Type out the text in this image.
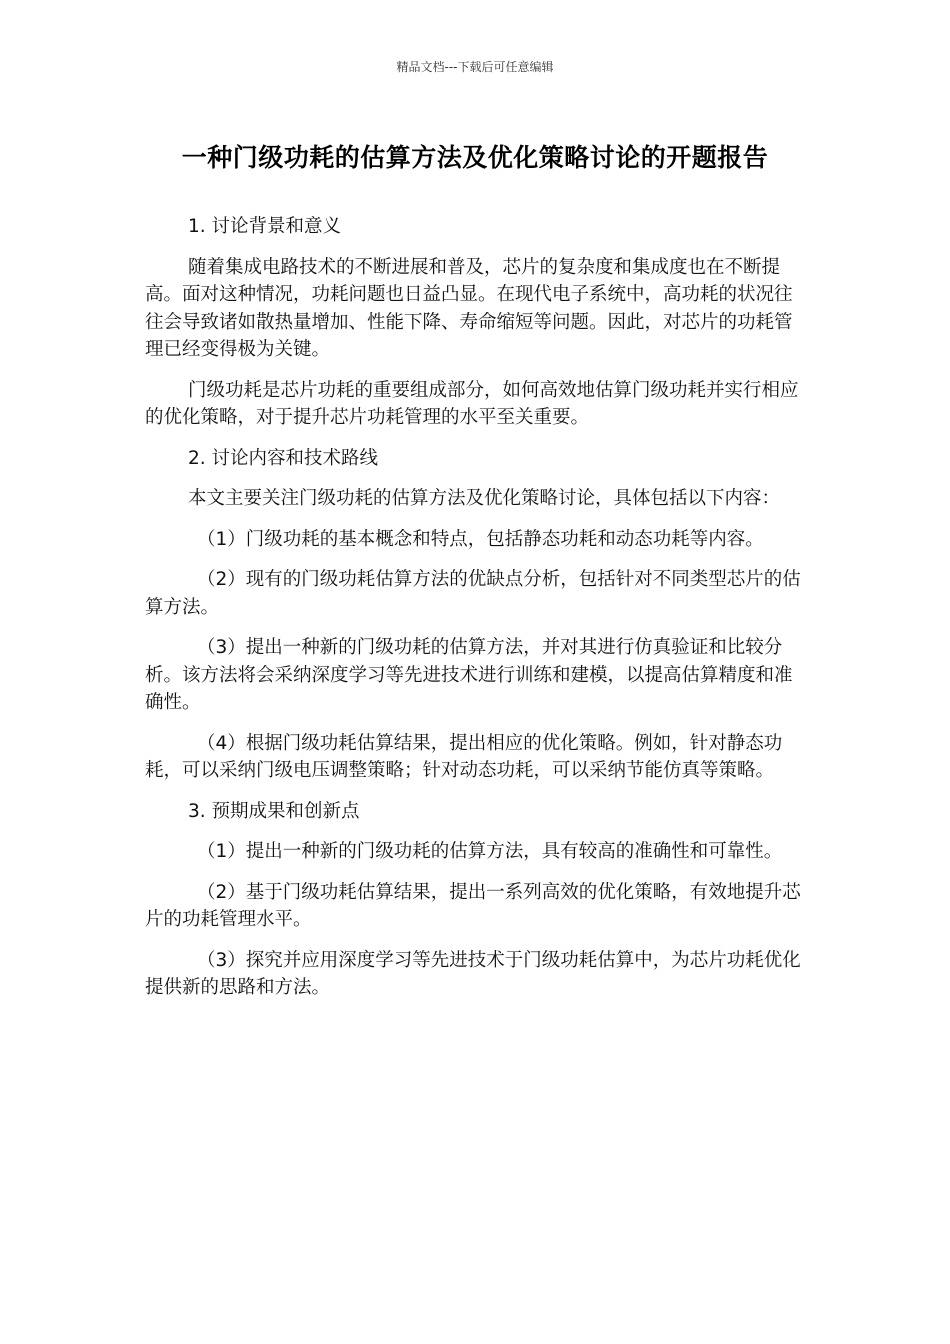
精品文档---下载后可任意编辑
一种门级功耗的估算方法及优化策略讨论的开题报告

1. 讨论背景和意义

随着集成电路技术的不断进展和普及，芯片的复杂度和集成度也在不断提高。面对这种情况，功耗问题也日益凸显。在现代电子系统中，高功耗的状况往往会导致诸如散热量增加、性能下降、寿命缩短等问题。因此，对芯片的功耗管理已经变得极为关键。

门级功耗是芯片功耗的重要组成部分，如何高效地估算门级功耗并实行相应的优化策略，对于提升芯片功耗管理的水平至关重要。

2. 讨论内容和技术路线

本文主要关注门级功耗的估算方法及优化策略讨论，具体包括以下内容：

（1）门级功耗的基本概念和特点，包括静态功耗和动态功耗等内容。

（2）现有的门级功耗估算方法的优缺点分析，包括针对不同类型芯片的估算方法。

（3）提出一种新的门级功耗的估算方法，并对其进行仿真验证和比较分析。该方法将会采纳深度学习等先进技术进行训练和建模，以提高估算精度和准确性。

（4）根据门级功耗估算结果，提出相应的优化策略。例如，针对静态功耗，可以采纳门级电压调整策略；针对动态功耗，可以采纳节能仿真等策略。

3. 预期成果和创新点

（1）提出一种新的门级功耗的估算方法，具有较高的准确性和可靠性。

（2）基于门级功耗估算结果，提出一系列高效的优化策略，有效地提升芯片的功耗管理水平。

（3）探究并应用深度学习等先进技术于门级功耗估算中，为芯片功耗优化提供新的思路和方法。
